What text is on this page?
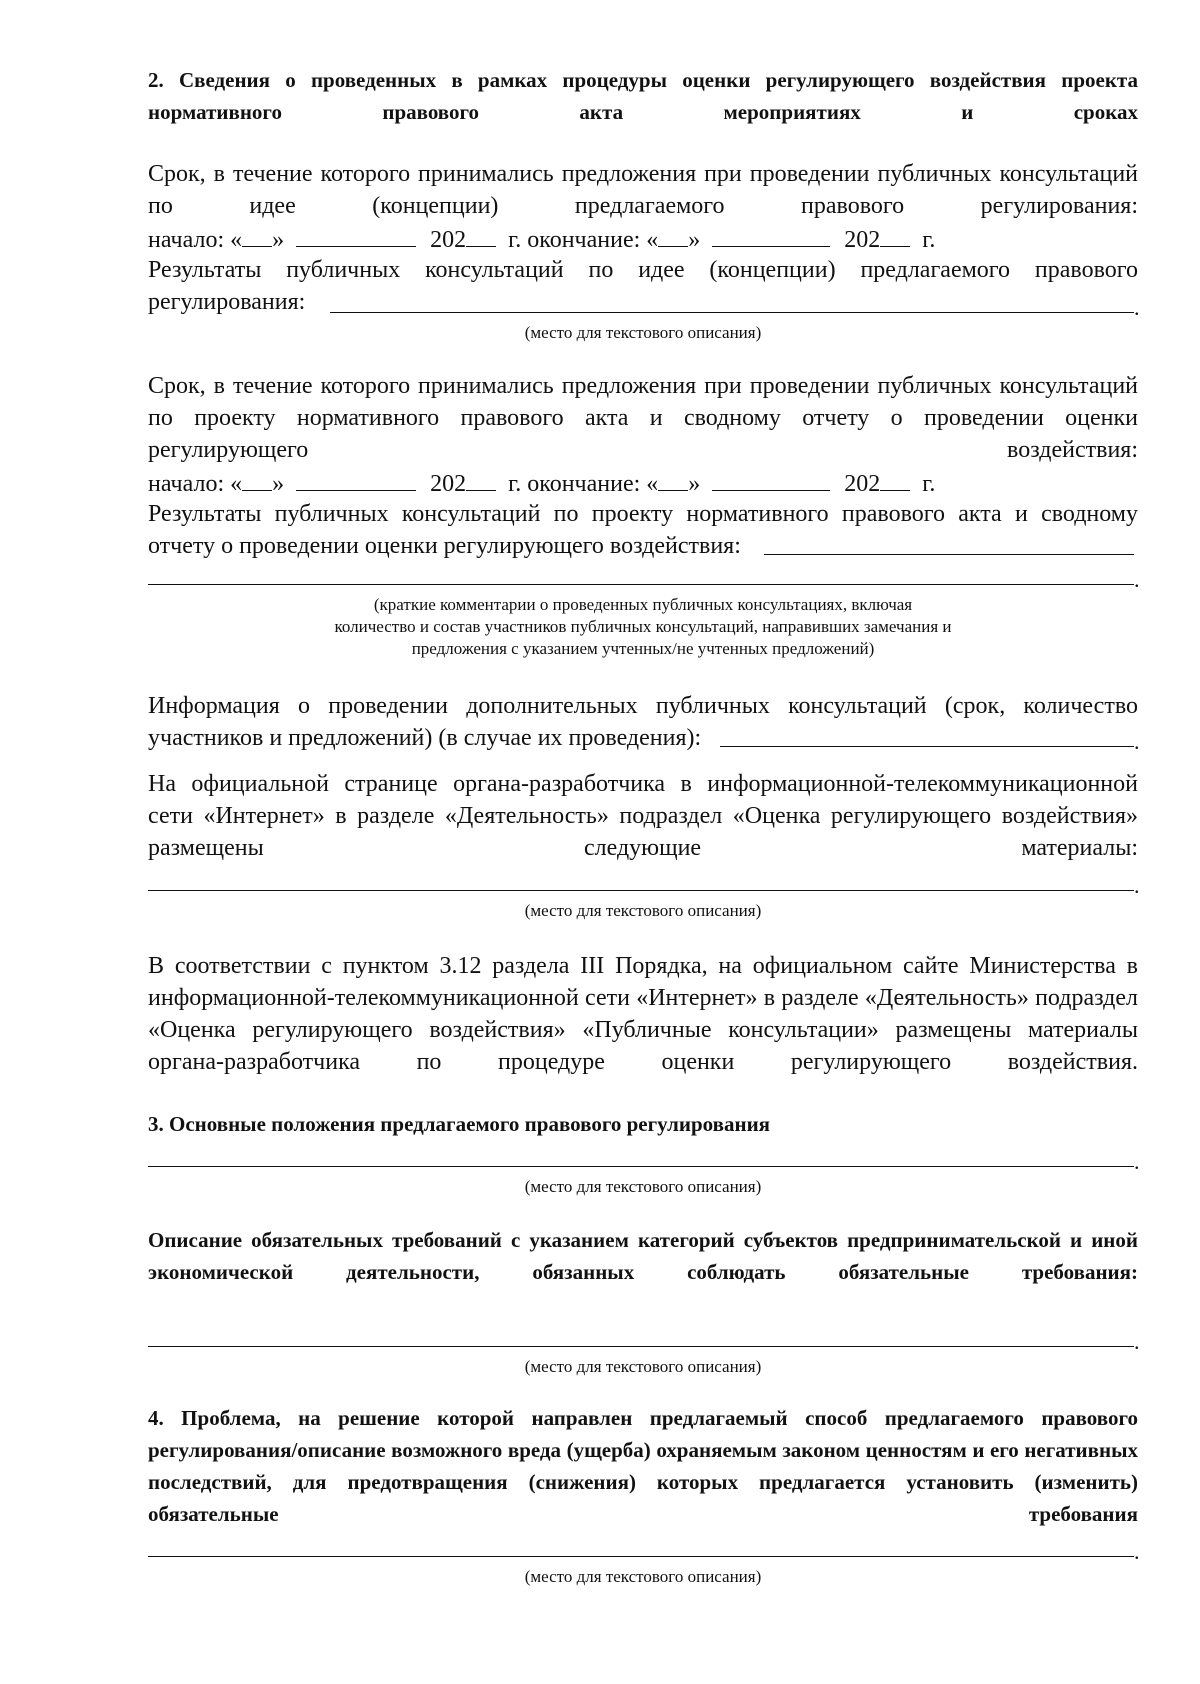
2. Сведения о проведенных в рамках процедуры оценки регулирующего воздействия проекта нормативного правового акта мероприятиях и сроках
Срок, в течение которого принимались предложения при проведении публичных консультаций по идее (концепции) предлагаемого правового регулирования:
начало: « »	202 г. окончание: « »	202 г.
Результаты публичных консультаций по идее (концепции) предлагаемого правового регулирования:	.
(место для текстового описания)
Срок, в течение которого принимались предложения при проведении публичных консультаций по проекту нормативного правового акта и сводному отчету о проведении оценки регулирующего воздействия:
начало: « »	202 г. окончание: « »	202 г.
Результаты публичных консультаций по проекту нормативного правового акта и сводному отчету о проведении оценки регулирующего воздействия:
.
(краткие комментарии о проведенных публичных консультациях, включая
количество и состав участников публичных консультаций, направивших замечания и
предложения с указанием учтенных/не учтенных предложений)
Информация о проведении дополнительных публичных консультаций (срок, количество участников и предложений) (в случае их проведения):	.
На официальной странице органа-разработчика в информационной-телекоммуникационной сети «Интернет» в разделе «Деятельность» подраздел «Оценка регулирующего воздействия» размещены следующие материалы:
.
(место для текстового описания)
В соответствии с пунктом 3.12 раздела III Порядка, на официальном сайте Министерства в информационной-телекоммуникационной сети «Интернет» в разделе «Деятельность» подраздел «Оценка регулирующего воздействия» «Публичные консультации» размещены материалы органа-разработчика по процедуре оценки регулирующего воздействия.
3. Основные положения предлагаемого правового регулирования
.
(место для текстового описания)
Описание обязательных требований с указанием категорий субъектов предпринимательской и иной экономической деятельности, обязанных соблюдать обязательные требования:
.
(место для текстового описания)
4. Проблема, на решение которой направлен предлагаемый способ предлагаемого правового регулирования/описание возможного вреда (ущерба) охраняемым законом ценностям и его негативных последствий, для предотвращения (снижения) которых предлагается установить (изменить) обязательные требования
.
(место для текстового описания)
